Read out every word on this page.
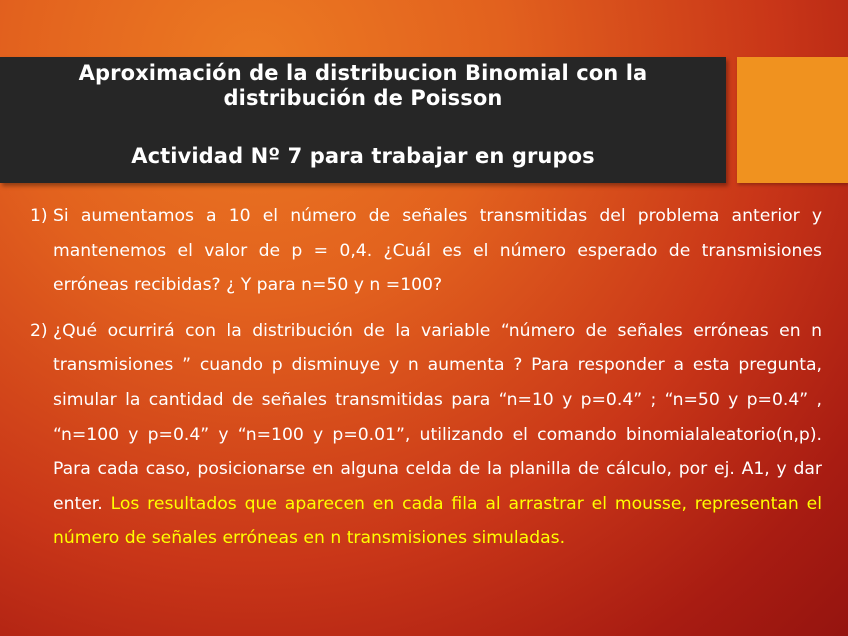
Aproximación de la distribucion Binomial con la
distribución de Poisson
Actividad Nº 7 para trabajar en grupos
1) Si aumentamos a 10 el número de señales transmitidas del problema anterior y mantenemos el valor de p = 0,4. ¿Cuál es el número esperado de transmisiones erróneas recibidas? ¿ Y para n=50 y n =100?
2) ¿Qué ocurrirá con la distribución de la variable “número de señales erróneas en n transmisiones ” cuando p disminuye y n aumenta ? Para responder a esta pregunta, simular la cantidad de señales transmitidas para “n=10 y p=0.4” ; “n=50 y p=0.4” , “n=100 y p=0.4” y “n=100 y p=0.01”, utilizando el comando binomialaleatorio(n,p). Para cada caso, posicionarse en alguna celda de la planilla de cálculo, por ej. A1, y dar enter. Los resultados que aparecen en cada fila al arrastrar el mousse, representan el número de señales erróneas en n transmisiones simuladas.
